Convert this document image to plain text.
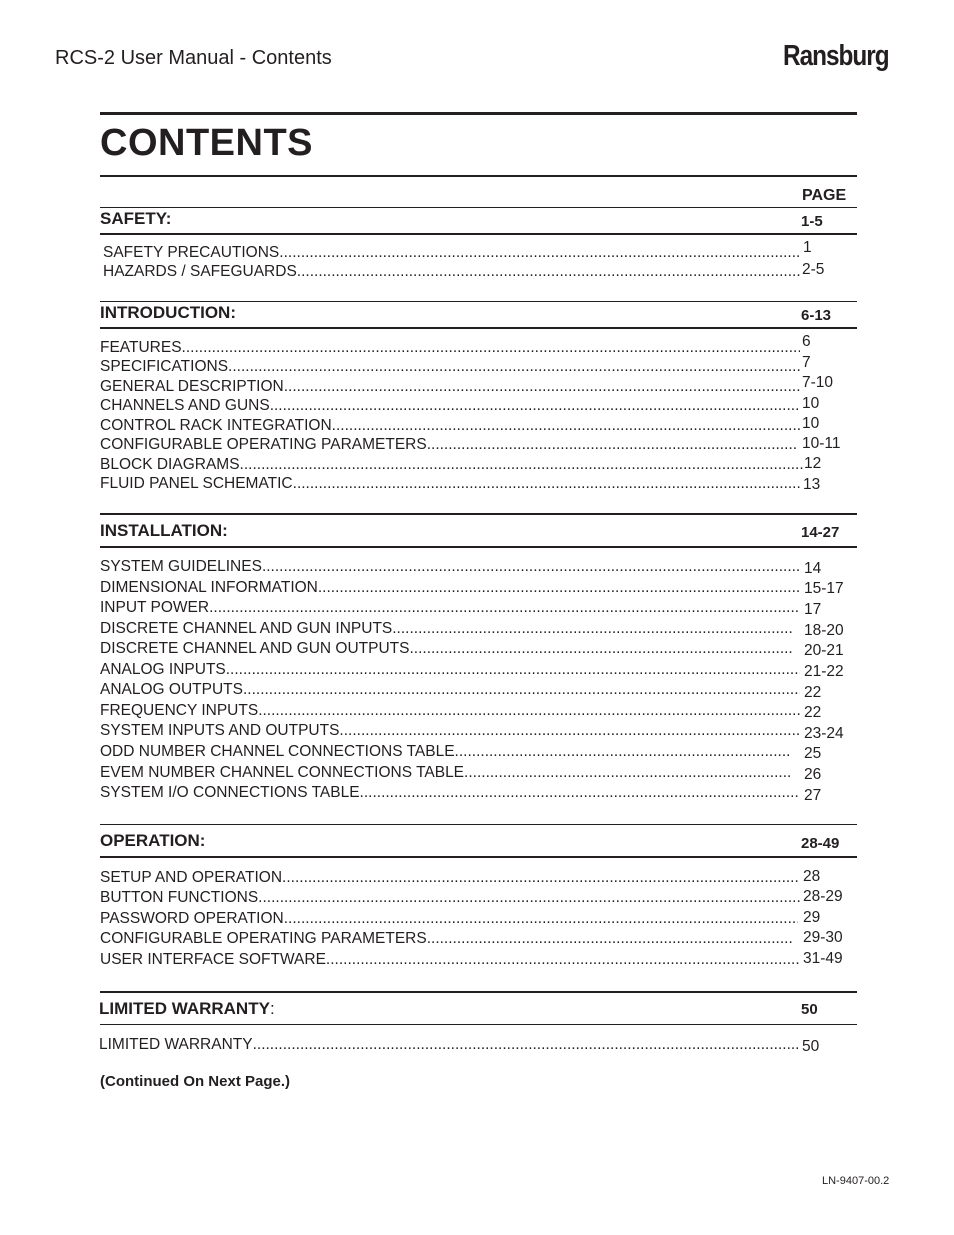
RCS-2 User Manual - Contents	Ransburg
CONTENTS
PAGE
SAFETY:	1-5
SAFETY PRECAUTIONS .....	1
HAZARDS / SAFEGUARDS .....	2-5
INTRODUCTION:	6-13
FEATURES .....	6
SPECIFICATIONS .....	7
GENERAL DESCRIPTION .....	7-10
CHANNELS AND GUNS .....	10
CONTROL RACK INTEGRATION .....	10
CONFIGURABLE OPERATING PARAMETERS .....	10-11
BLOCK DIAGRAMS .....	12
FLUID PANEL SCHEMATIC .....	13
INSTALLATION:	14-27
SYSTEM GUIDELINES .....	14
DIMENSIONAL INFORMATION .....	15-17
INPUT POWER .....	17
DISCRETE CHANNEL AND GUN INPUTS .....	18-20
DISCRETE CHANNEL AND GUN OUTPUTS .....	20-21
ANALOG INPUTS .....	21-22
ANALOG OUTPUTS .....	22
FREQUENCY INPUTS .....	22
SYSTEM INPUTS AND OUTPUTS .....	23-24
ODD NUMBER CHANNEL CONNECTIONS TABLE .....	25
EVEM NUMBER CHANNEL CONNECTIONS TABLE .....	26
SYSTEM I/O CONNECTIONS TABLE .....	27
OPERATION:	28-49
SETUP AND OPERATION .....	28
BUTTON FUNCTIONS .....	28-29
PASSWORD OPERATION .....	29
CONFIGURABLE OPERATING PARAMETERS .....	29-30
USER INTERFACE SOFTWARE .....	31-49
LIMITED WARRANTY:	50
LIMITED WARRANTY .....	50
(Continued On Next Page.)
LN-9407-00.2
